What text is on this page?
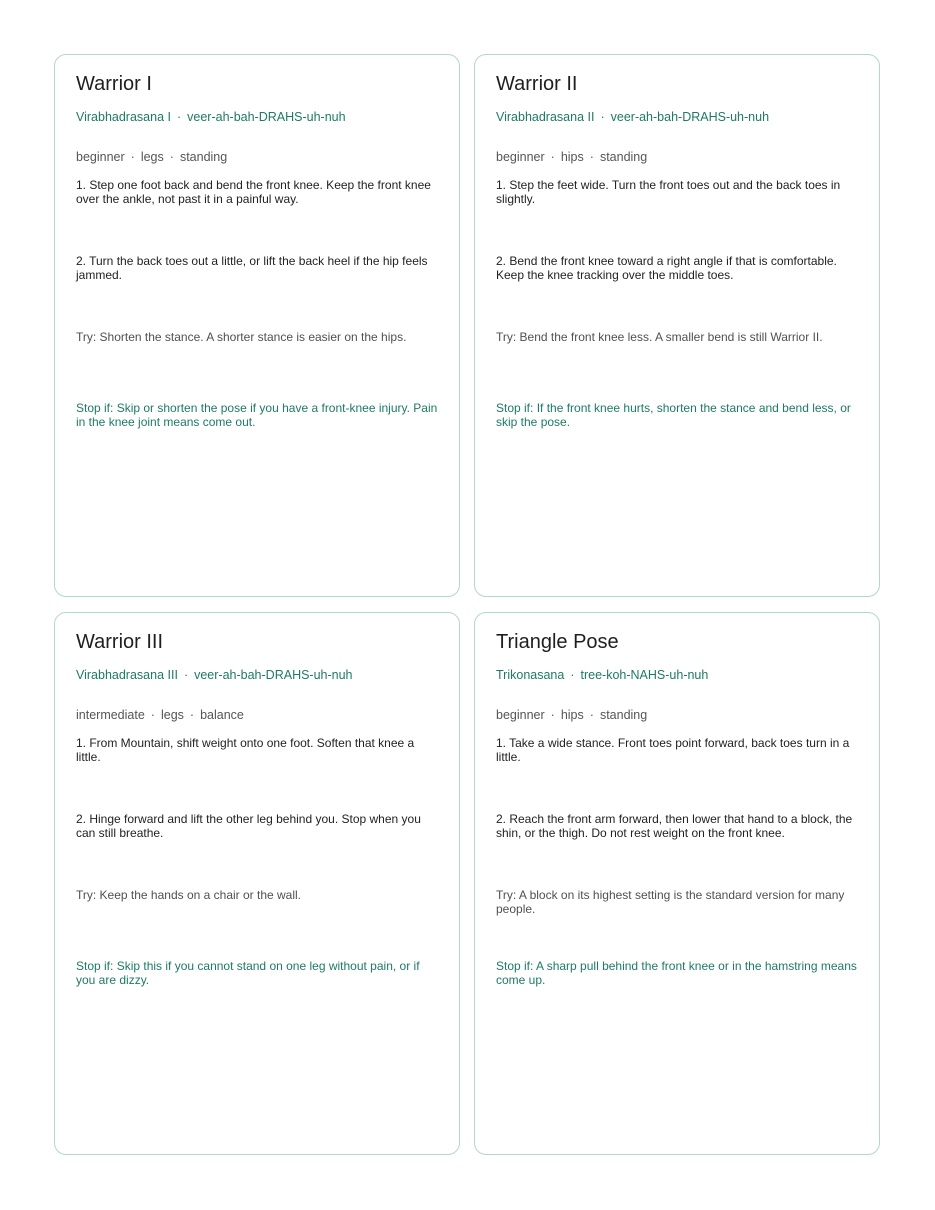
Warrior I
Virabhadrasana I · veer-ah-bah-DRAHS-uh-nuh
beginner · legs · standing
1. Step one foot back and bend the front knee. Keep the front knee over the ankle, not past it in a painful way.
2. Turn the back toes out a little, or lift the back heel if the hip feels jammed.
Try: Shorten the stance. A shorter stance is easier on the hips.
Stop if: Skip or shorten the pose if you have a front-knee injury. Pain in the knee joint means come out.
Warrior II
Virabhadrasana II · veer-ah-bah-DRAHS-uh-nuh
beginner · hips · standing
1. Step the feet wide. Turn the front toes out and the back toes in slightly.
2. Bend the front knee toward a right angle if that is comfortable. Keep the knee tracking over the middle toes.
Try: Bend the front knee less. A smaller bend is still Warrior II.
Stop if: If the front knee hurts, shorten the stance and bend less, or skip the pose.
Warrior III
Virabhadrasana III · veer-ah-bah-DRAHS-uh-nuh
intermediate · legs · balance
1. From Mountain, shift weight onto one foot. Soften that knee a little.
2. Hinge forward and lift the other leg behind you. Stop when you can still breathe.
Try: Keep the hands on a chair or the wall.
Stop if: Skip this if you cannot stand on one leg without pain, or if you are dizzy.
Triangle Pose
Trikonasana · tree-koh-NAHS-uh-nuh
beginner · hips · standing
1. Take a wide stance. Front toes point forward, back toes turn in a little.
2. Reach the front arm forward, then lower that hand to a block, the shin, or the thigh. Do not rest weight on the front knee.
Try: A block on its highest setting is the standard version for many people.
Stop if: A sharp pull behind the front knee or in the hamstring means come up.
